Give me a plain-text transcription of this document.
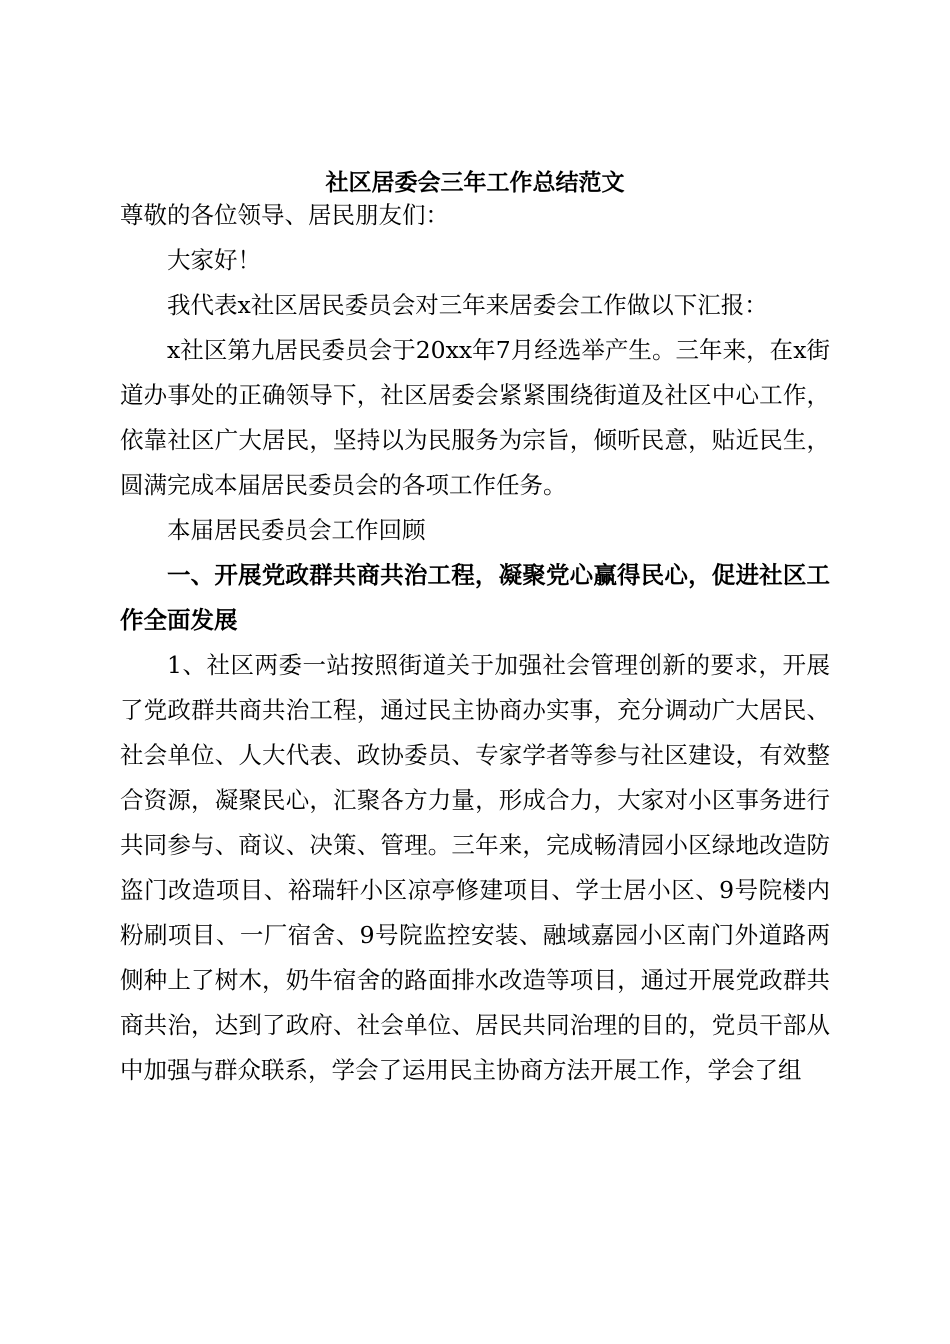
社区居委会三年工作总结范文

尊敬的各位领导、居民朋友们：

大家好！

我代表x社区居民委员会对三年来居委会工作做以下汇报：

x社区第九居民委员会于20xx年7月经选举产生。三年来，在x街道办事处的正确领导下，社区居委会紧紧围绕街道及社区中心工作，依靠社区广大居民，坚持以为民服务为宗旨，倾听民意，贴近民生，圆满完成本届居民委员会的各项工作任务。

本届居民委员会工作回顾

一、开展党政群共商共治工程，凝聚党心赢得民心，促进社区工作全面发展

1、社区两委一站按照街道关于加强社会管理创新的要求，开展了党政群共商共治工程，通过民主协商办实事，充分调动广大居民、社会单位、人大代表、政协委员、专家学者等参与社区建设，有效整合资源，凝聚民心，汇聚各方力量，形成合力，大家对小区事务进行共同参与、商议、决策、管理。三年来，完成畅清园小区绿地改造防盗门改造项目、裕瑞轩小区凉亭修建项目、学士居小区、9号院楼内粉刷项目、一厂宿舍、9号院监控安装、融域嘉园小区南门外道路两侧种上了树木，奶牛宿舍的路面排水改造等项目，通过开展党政群共商共治，达到了政府、社会单位、居民共同治理的目的，党员干部从中加强与群众联系，学会了运用民主协商方法开展工作，学会了组
